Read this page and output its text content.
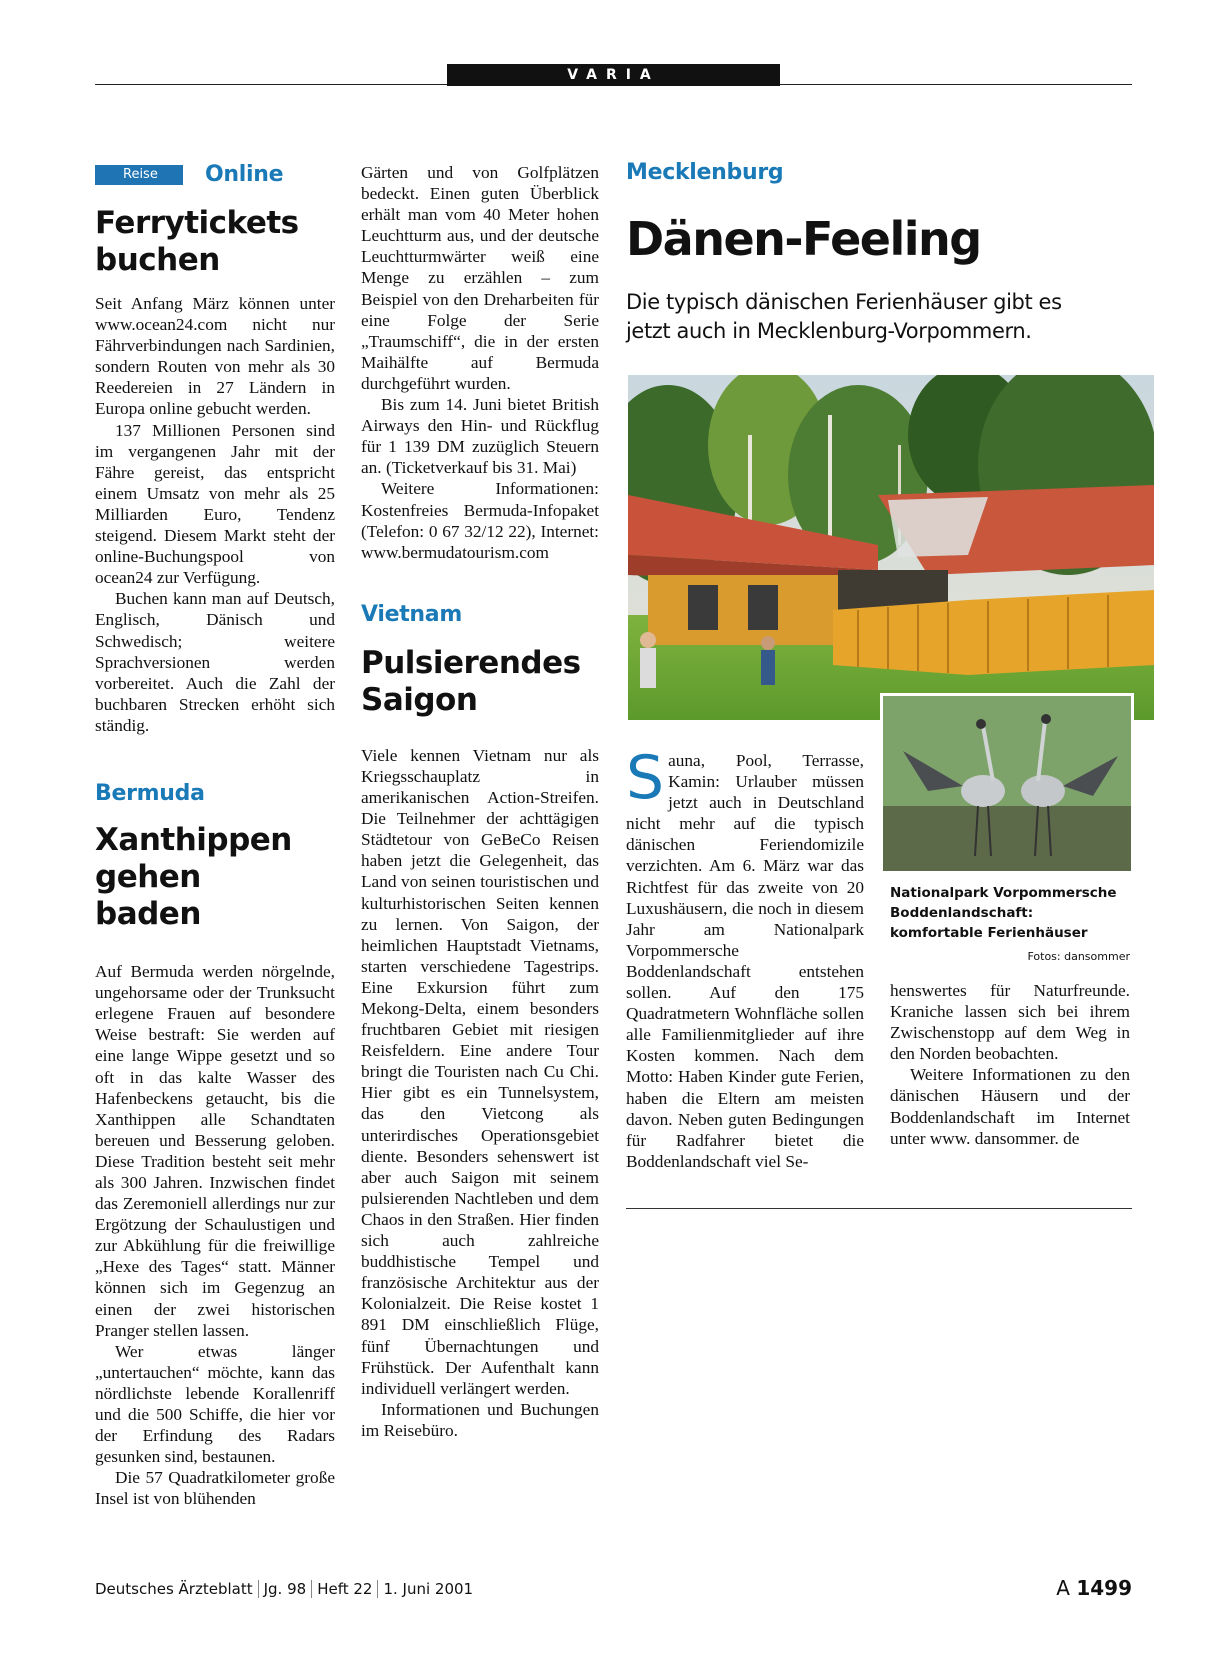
VARIA
Reise	Online
Ferrytickets buchen

Seit Anfang März können unter www.ocean24.com nicht nur Fährverbindungen nach Sardinien, sondern Routen von mehr als 30 Reedereien in 27 Ländern in Europa online gebucht werden.

137 Millionen Personen sind im vergangenen Jahr mit der Fähre gereist, das entspricht einem Umsatz von mehr als 25 Milliarden Euro, Tendenz steigend. Diesem Markt steht der online-Buchungspool von ocean24 zur Verfügung.

Buchen kann man auf Deutsch, Englisch, Dänisch und Schwedisch; weitere Sprachversionen werden vorbereitet. Auch die Zahl der buchbaren Strecken erhöht sich ständig.

Bermuda
Xanthippen gehen baden

Auf Bermuda werden nörgelnde, ungehorsame oder der Trunksucht erlegene Frauen auf besondere Weise bestraft: Sie werden auf eine lange Wippe gesetzt und so oft in das kalte Wasser des Hafenbeckens getaucht, bis die Xanthippen alle Schandtaten bereuen und Besserung geloben. Diese Tradition besteht seit mehr als 300 Jahren. Inzwischen findet das Zeremoniell allerdings nur zur Ergötzung der Schaulustigen und zur Abkühlung für die freiwillige „Hexe des Tages“ statt. Männer können sich im Gegenzug an einen der zwei historischen Pranger stellen lassen.

Wer etwas länger „untertauchen“ möchte, kann das nördlichste lebende Korallenriff und die 500 Schiffe, die hier vor der Erfindung des Radars gesunken sind, bestaunen.

Die 57 Quadratkilometer große Insel ist von blühenden

Gärten und von Golfplätzen bedeckt. Einen guten Überblick erhält man vom 40 Meter hohen Leuchtturm aus, und der deutsche Leuchtturmwärter weiß eine Menge zu erzählen – zum Beispiel von den Dreharbeiten für eine Folge der Serie „Traumschiff“, die in der ersten Maihälfte auf Bermuda durchgeführt wurden.

Bis zum 14. Juni bietet British Airways den Hin- und Rückflug für 1 139 DM zuzüglich Steuern an. (Ticketverkauf bis 31. Mai)

Weitere Informationen: Kostenfreies Bermuda-Infopaket (Telefon: 0 67 32/12 22), Internet: www.bermudatourism.com

Vietnam
Pulsierendes Saigon

Viele kennen Vietnam nur als Kriegsschauplatz in amerikanischen Action-Streifen. Die Teilnehmer der achttägigen Städtetour von GeBeCo Reisen haben jetzt die Gelegenheit, das Land von seinen touristischen und kulturhistorischen Seiten kennen zu lernen. Von Saigon, der heimlichen Hauptstadt Vietnams, starten verschiedene Tagestrips. Eine Exkursion führt zum Mekong-Delta, einem besonders fruchtbaren Gebiet mit riesigen Reisfeldern. Eine andere Tour bringt die Touristen nach Cu Chi. Hier gibt es ein Tunnelsystem, das den Vietcong als unterirdisches Operationsgebiet diente. Besonders sehenswert ist aber auch Saigon mit seinem pulsierenden Nachtleben und dem Chaos in den Straßen. Hier finden sich auch zahlreiche buddhistische Tempel und französische Architektur aus der Kolonialzeit. Die Reise kostet 1 891 DM einschließlich Flüge, fünf Übernachtungen und Frühstück. Der Aufenthalt kann individuell verlängert werden.

Informationen und Buchungen im Reisebüro.

Mecklenburg
Dänen-Feeling
Die typisch dänischen Ferienhäuser gibt es jetzt auch in Mecklenburg-Vorpommern.
Sauna, Pool, Terrasse, Kamin: Urlauber müssen jetzt auch in Deutschland nicht mehr auf die typisch dänischen Feriendomizile verzichten. Am 6. März war das Richtfest für das zweite von 20 Luxushäusern, die noch in diesem Jahr am Nationalpark Vorpommersche Boddenlandschaft entstehen sollen. Auf den 175 Quadratmetern Wohnfläche sollen alle Familienmitglieder auf ihre Kosten kommen. Nach dem Motto: Haben Kinder gute Ferien, haben die Eltern am meisten davon. Neben guten Bedingungen für Radfahrer bietet die Boddenlandschaft viel Se-
Nationalpark Vorpommersche Boddenlandschaft: komfortable Ferienhäuser
Fotos: dansommer

henswertes für Naturfreunde. Kraniche lassen sich bei ihrem Zwischenstopp auf dem Weg in den Norden beobachten.

Weitere Informationen zu den dänischen Häusern und der Boddenlandschaft im Internet unter www. dansommer. de

Deutsches Ärzteblatt Jg. 98 Heft 22 1. Juni 2001	A 1499
